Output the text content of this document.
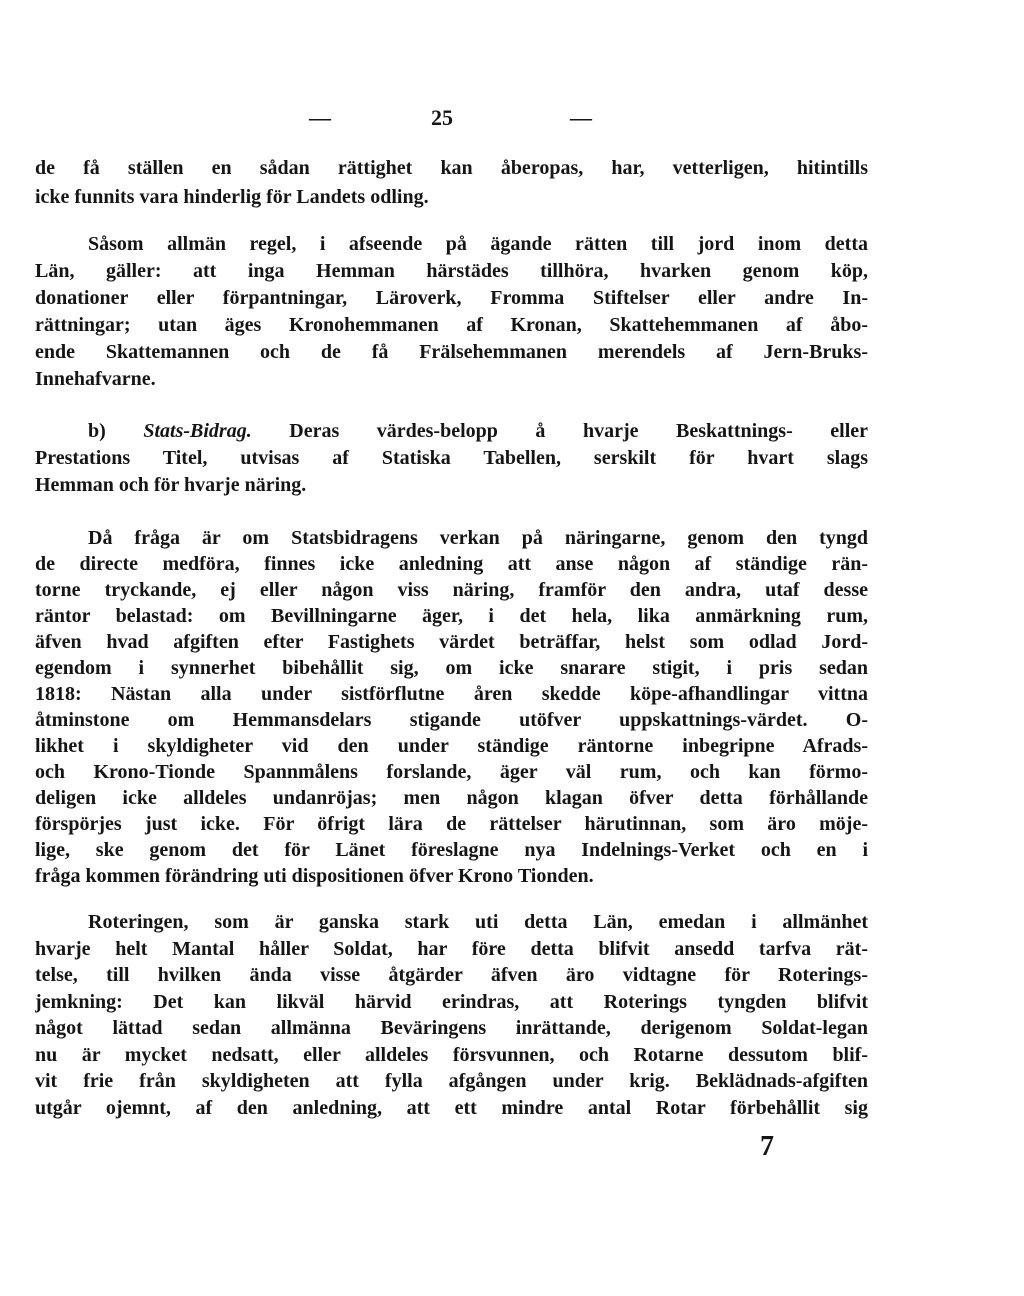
—	25	—
de få ställen en sådan rättighet kan åberopas, har, vetterligen, hitintills
icke funnits vara hinderlig för Landets odling.
Såsom allmän regel, i afseende på ägande rätten till jord inom detta
Län, gäller: att inga Hemman härstädes tillhöra, hvarken genom köp,
donationer eller förpantningar, Läroverk, Fromma Stiftelser eller andre In-
rättningar; utan äges Kronohemmanen af Kronan, Skattehemmanen af åbo-
ende Skattemannen och de få Frälsehemmanen merendels af Jern-Bruks-
Innehafvarne.
b) Stats-Bidrag. Deras värdes-belopp å hvarje Beskattnings- eller
Prestations Titel, utvisas af Statiska Tabellen, serskilt för hvart slags
Hemman och för hvarje näring.
Då fråga är om Statsbidragens verkan på näringarne, genom den tyngd
de directe medföra, finnes icke anledning att anse någon af ständige rän-
torne tryckande, ej eller någon viss näring, framför den andra, utaf desse
räntor belastad: om Bevillningarne äger, i det hela, lika anmärkning rum,
äfven hvad afgiften efter Fastighets värdet beträffar, helst som odlad Jord-
egendom i synnerhet bibehållit sig, om icke snarare stigit, i pris sedan
1818: Nästan alla under sistförflutne åren skedde köpe-afhandlingar vittna
åtminstone om Hemmansdelars stigande utöfver uppskattnings-värdet. O-
likhet i skyldigheter vid den under ständige räntorne inbegripne Afrads-
och Krono-Tionde Spannmålens forslande, äger väl rum, och kan förmo-
deligen icke alldeles undanröjas; men någon klagan öfver detta förhållande
förspörjes just icke. För öfrigt lära de rättelser härutinnan, som äro möje-
lige, ske genom det för Länet föreslagne nya Indelnings-Verket och en i
fråga kommen förändring uti dispositionen öfver Krono Tionden.
Roteringen, som är ganska stark uti detta Län, emedan i allmänhet
hvarje helt Mantal håller Soldat, har före detta blifvit ansedd tarfva rät-
telse, till hvilken ända visse åtgärder äfven äro vidtagne för Roterings-
jemkning: Det kan likväl härvid erindras, att Roterings tyngden blifvit
något lättad sedan allmänna Beväringens inrättande, derigenom Soldat-legan
nu är mycket nedsatt, eller alldeles försvunnen, och Rotarne dessutom blif-
vit frie från skyldigheten att fylla afgången under krig. Beklädnads-afgiften
utgår ojemnt, af den anledning, att ett mindre antal Rotar förbehållit sig
7
